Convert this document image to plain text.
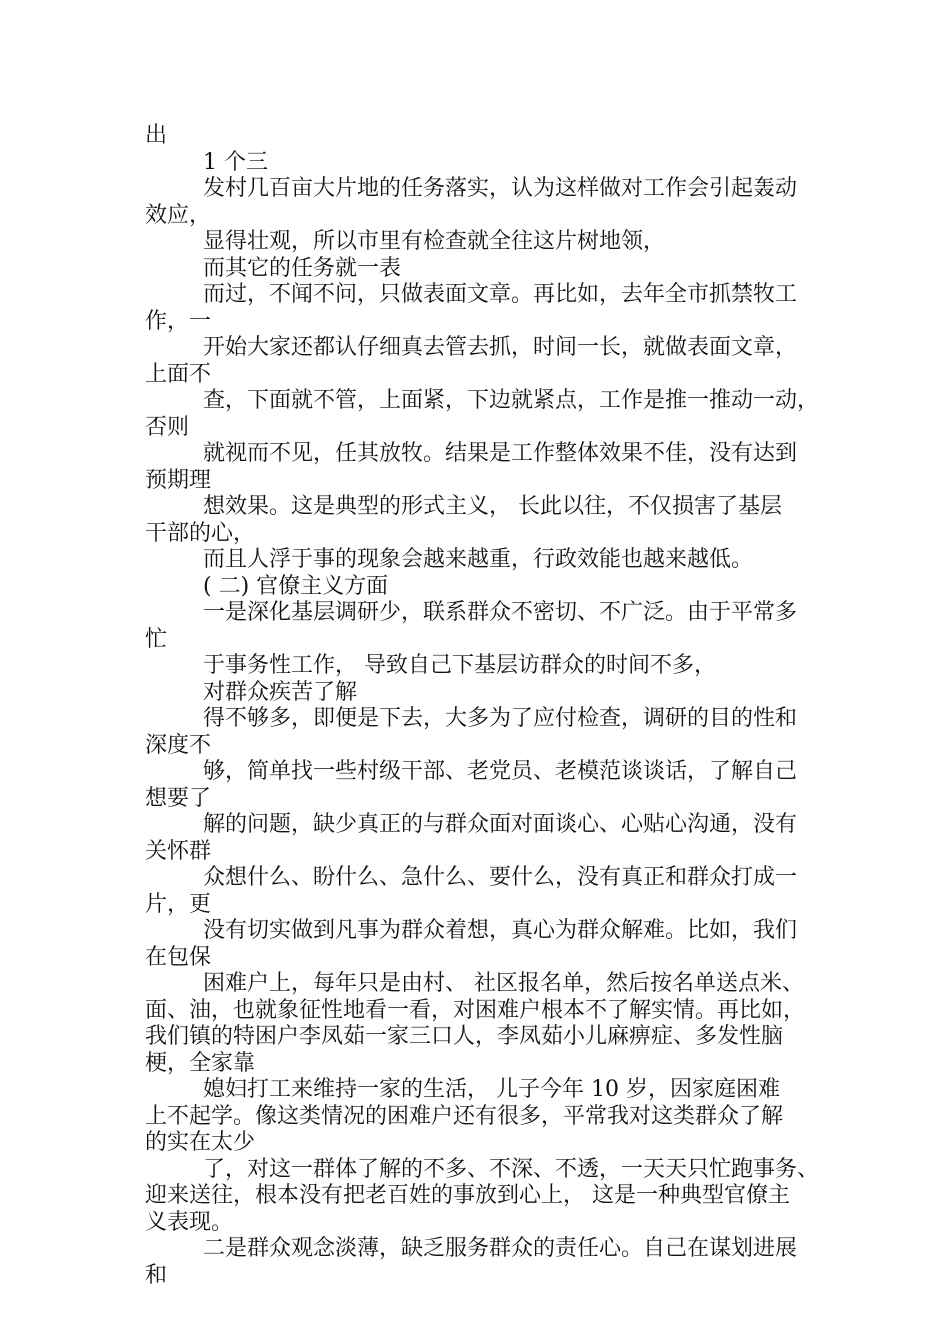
出
1 个三
发村几百亩大片地的任务落实，认为这样做对工作会引起轰动
效应，
显得壮观，所以市里有检查就全往这片树地领，
而其它的任务就一表
而过，不闻不问，只做表面文章。再比如，去年全市抓禁牧工
作，一
开始大家还都认仔细真去管去抓，时间一长，就做表面文章，
上面不
查，下面就不管，上面紧，下边就紧点，工作是推一推动一动，
否则
就视而不见，任其放牧。结果是工作整体效果不佳，没有达到
预期理
想效果。这是典型的形式主义， 长此以往，不仅损害了基层
干部的心，
而且人浮于事的现象会越来越重，行政效能也越来越低。
( 二) 官僚主义方面
一是深化基层调研少，联系群众不密切、不广泛。由于平常多
忙
于事务性工作， 导致自己下基层访群众的时间不多，
对群众疾苦了解
得不够多，即便是下去，大多为了应付检查，调研的目的性和
深度不
够，简单找一些村级干部、老党员、老模范谈谈话，了解自己
想要了
解的问题，缺少真正的与群众面对面谈心、心贴心沟通，没有
关怀群
众想什么、盼什么、急什么、要什么，没有真正和群众打成一
片，更
没有切实做到凡事为群众着想，真心为群众解难。比如，我们
在包保
困难户上，每年只是由村、 社区报名单，然后按名单送点米、
面、油，也就象征性地看一看，对困难户根本不了解实情。再比如，
我们镇的特困户李凤茹一家三口人，李凤茹小儿麻痹症、多发性脑
梗，全家靠
媳妇打工来维持一家的生活， 儿子今年 10 岁，因家庭困难
上不起学。像这类情况的困难户还有很多，平常我对这类群众了解
的实在太少
了，对这一群体了解的不多、不深、不透，一天天只忙跑事务、
迎来送往，根本没有把老百姓的事放到心上， 这是一种典型官僚主
义表现。
二是群众观念淡薄，缺乏服务群众的责任心。自己在谋划进展
和
